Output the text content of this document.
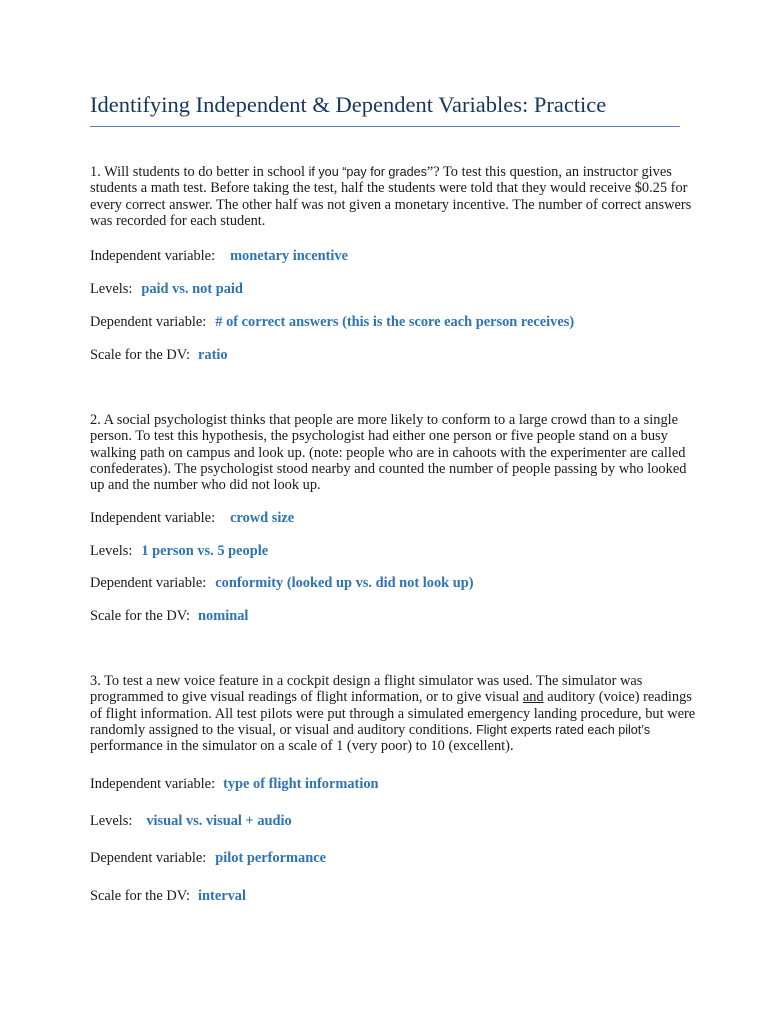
Identifying Independent & Dependent Variables: Practice

1. Will students to do better in school if you “pay for grades”? To test this question, an instructor gives

students a math test. Before taking the test, half the students were told that they would receive $0.25 for

every correct answer. The other half was not given a monetary incentive. The number of correct answers

was recorded for each student.

Independent variable: monetary incentive
Levels: paid vs. not paid
Dependent variable: # of correct answers (this is the score each person receives)
Scale for the DV: ratio

2. A social psychologist thinks that people are more likely to conform to a large crowd than to a single

person. To test this hypothesis, the psychologist had either one person or five people stand on a busy

walking path on campus and look up. (note: people who are in cahoots with the experimenter are called

confederates). The psychologist stood nearby and counted the number of people passing by who looked

up and the number who did not look up.

Independent variable: crowd size
Levels: 1 person vs. 5 people
Dependent variable: conformity (looked up vs. did not look up)
Scale for the DV: nominal

3. To test a new voice feature in a cockpit design a flight simulator was used. The simulator was

programmed to give visual readings of flight information, or to give visual and auditory (voice) readings

of flight information. All test pilots were put through a simulated emergency landing procedure, but were

randomly assigned to the visual, or visual and auditory conditions. Flight experts rated each pilot’s

performance in the simulator on a scale of 1 (very poor) to 10 (excellent).

Independent variable: type of flight information
Levels: visual vs. visual + audio
Dependent variable: pilot performance
Scale for the DV: interval
